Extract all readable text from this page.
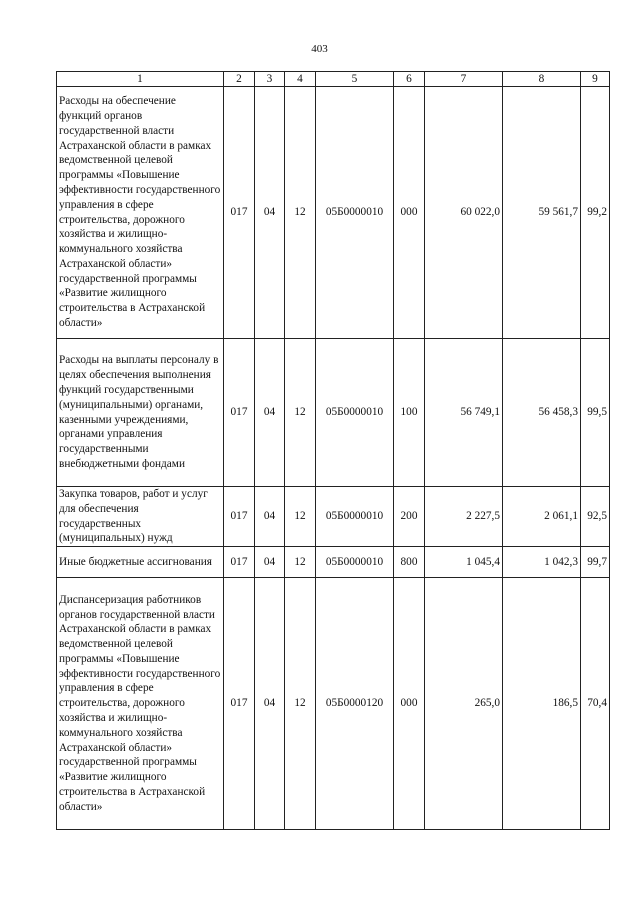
403
1	2	3	4	5	6	7	8	9
Расходы на обеспечение функций органов государственной власти Астраханской области в рамках ведомственной целевой программы «Повышение эффективности государственного управления в сфере строительства, дорожного хозяйства и жилищно-коммунального хозяйства Астраханской области» государственной программы «Развитие жилищного строительства в Астраханской области»	017	04	12	05Б0000010	000	60 022,0	59 561,7	99,2
Расходы на выплаты персоналу в целях обеспечения выполнения функций государственными (муниципальными) органами, казенными учреждениями, органами управления государственными внебюджетными фондами	017	04	12	05Б0000010	100	56 749,1	56 458,3	99,5
Закупка товаров, работ и услуг для обеспечения государственных (муниципальных) нужд	017	04	12	05Б0000010	200	2 227,5	2 061,1	92,5
Иные бюджетные ассигнования	017	04	12	05Б0000010	800	1 045,4	1 042,3	99,7
Диспансеризация работников органов государственной власти Астраханской области в рамках ведомственной целевой программы «Повышение эффективности государственного управления в сфере строительства, дорожного хозяйства и жилищно-коммунального хозяйства Астраханской области» государственной программы «Развитие жилищного строительства в Астраханской области»	017	04	12	05Б0000120	000	265,0	186,5	70,4
